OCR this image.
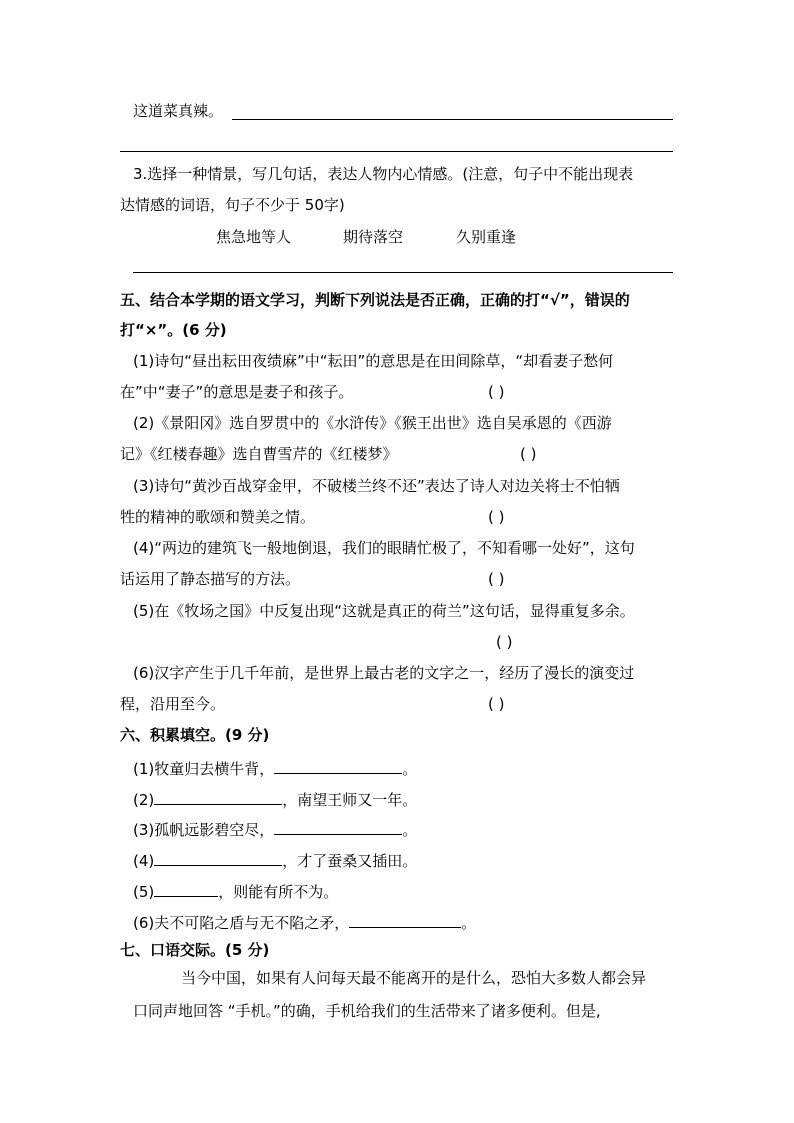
这道菜真辣。
3.选择一种情景，写几句话，表达人物内心情感。(注意，句子中不能出现表
达情感的词语，句子不少于 50字)
焦急地等人	期待落空	久别重逢
五、结合本学期的语文学习，判断下列说法是否正确，正确的打“√”，错误的
打“×”。(6 分)
(1)诗句“昼出耘田夜绩麻”中“耘田”的意思是在田间除草，“却看妻子愁何
在”中“妻子”的意思是妻子和孩子。	( )
(2)《景阳冈》选自罗贯中的《水浒传》《猴王出世》选自吴承恩的《西游
记》《红楼春趣》选自曹雪芹的《红楼梦》	( )
(3)诗句“黄沙百战穿金甲，不破楼兰终不还”表达了诗人对边关将士不怕牺
牲的精神的歌颂和赞美之情。	( )
(4)“两边的建筑飞一般地倒退，我们的眼睛忙极了，不知看哪一处好”，这句
话运用了静态描写的方法。	( )
(5)在《牧场之国》中反复出现“这就是真正的荷兰”这句话，显得重复多余。
( )
(6)汉字产生于几千年前，是世界上最古老的文字之一，经历了漫长的演变过
程，沿用至今。	( )
六、积累填空。(9 分)
(1)牧童归去横牛背，	。
(2)	，南望王师又一年。
(3)孤帆远影碧空尽，	。
(4)	，才了蚕桑又插田。
(5)	，则能有所不为。
(6)夫不可陷之盾与无不陷之矛，	。
七、口语交际。(5 分)
当今中国，如果有人问每天最不能离开的是什么，恐怕大多数人都会异
口同声地回答 “手机。”的确，手机给我们的生活带来了诸多便利。但是,
